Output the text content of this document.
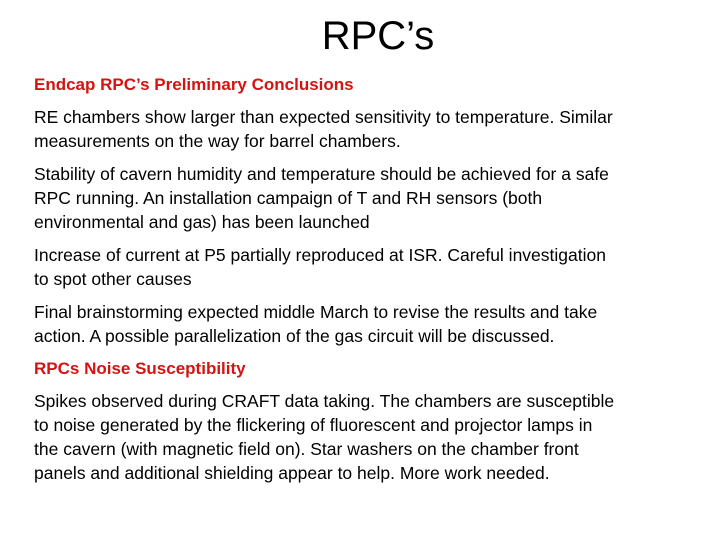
RPC’s
Endcap RPC’s Preliminary Conclusions
RE chambers show larger than expected sensitivity to temperature. Similar
measurements on the way for barrel chambers.
Stability of cavern humidity and temperature should be achieved for a safe
RPC running. An installation campaign of T and RH sensors (both
environmental and gas) has been launched
Increase of current at P5 partially reproduced at ISR. Careful investigation
to spot other causes
Final brainstorming expected middle March to revise the results and take
action. A possible parallelization of the gas circuit will be discussed.
RPCs Noise Susceptibility
Spikes observed during CRAFT data taking. The chambers are susceptible
to noise generated by the flickering of fluorescent and projector lamps in
the cavern (with magnetic field on). Star washers on the chamber front
panels and additional shielding appear to help. More work needed.
